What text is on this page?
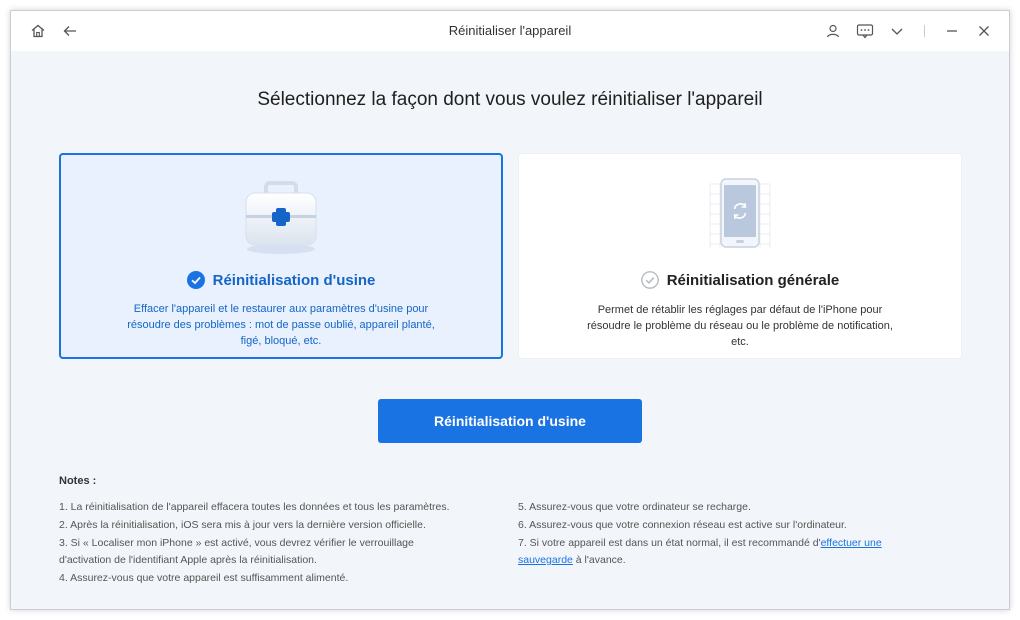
Réinitialiser l'appareil
Sélectionnez la façon dont vous voulez réinitialiser l'appareil
Réinitialisation d'usine
Effacer l'appareil et le restaurer aux paramètres d'usine pour
résoudre des problèmes : mot de passe oublié, appareil planté,
figé, bloqué, etc.
Réinitialisation générale
Permet de rétablir les réglages par défaut de l'iPhone pour
résoudre le problème du réseau ou le problème de notification,
etc.
Réinitialisation d'usine
Notes :
1. La réinitialisation de l'appareil effacera toutes les données et tous les paramètres.
2. Après la réinitialisation, iOS sera mis à jour vers la dernière version officielle.
3. Si « Localiser mon iPhone » est activé, vous devrez vérifier le verrouillage
d'activation de l'identifiant Apple après la réinitialisation.
4. Assurez-vous que votre appareil est suffisamment alimenté.
5. Assurez-vous que votre ordinateur se recharge.
6. Assurez-vous que votre connexion réseau est active sur l'ordinateur.
7. Si votre appareil est dans un état normal, il est recommandé d'effectuer une
sauvegarde à l'avance.
